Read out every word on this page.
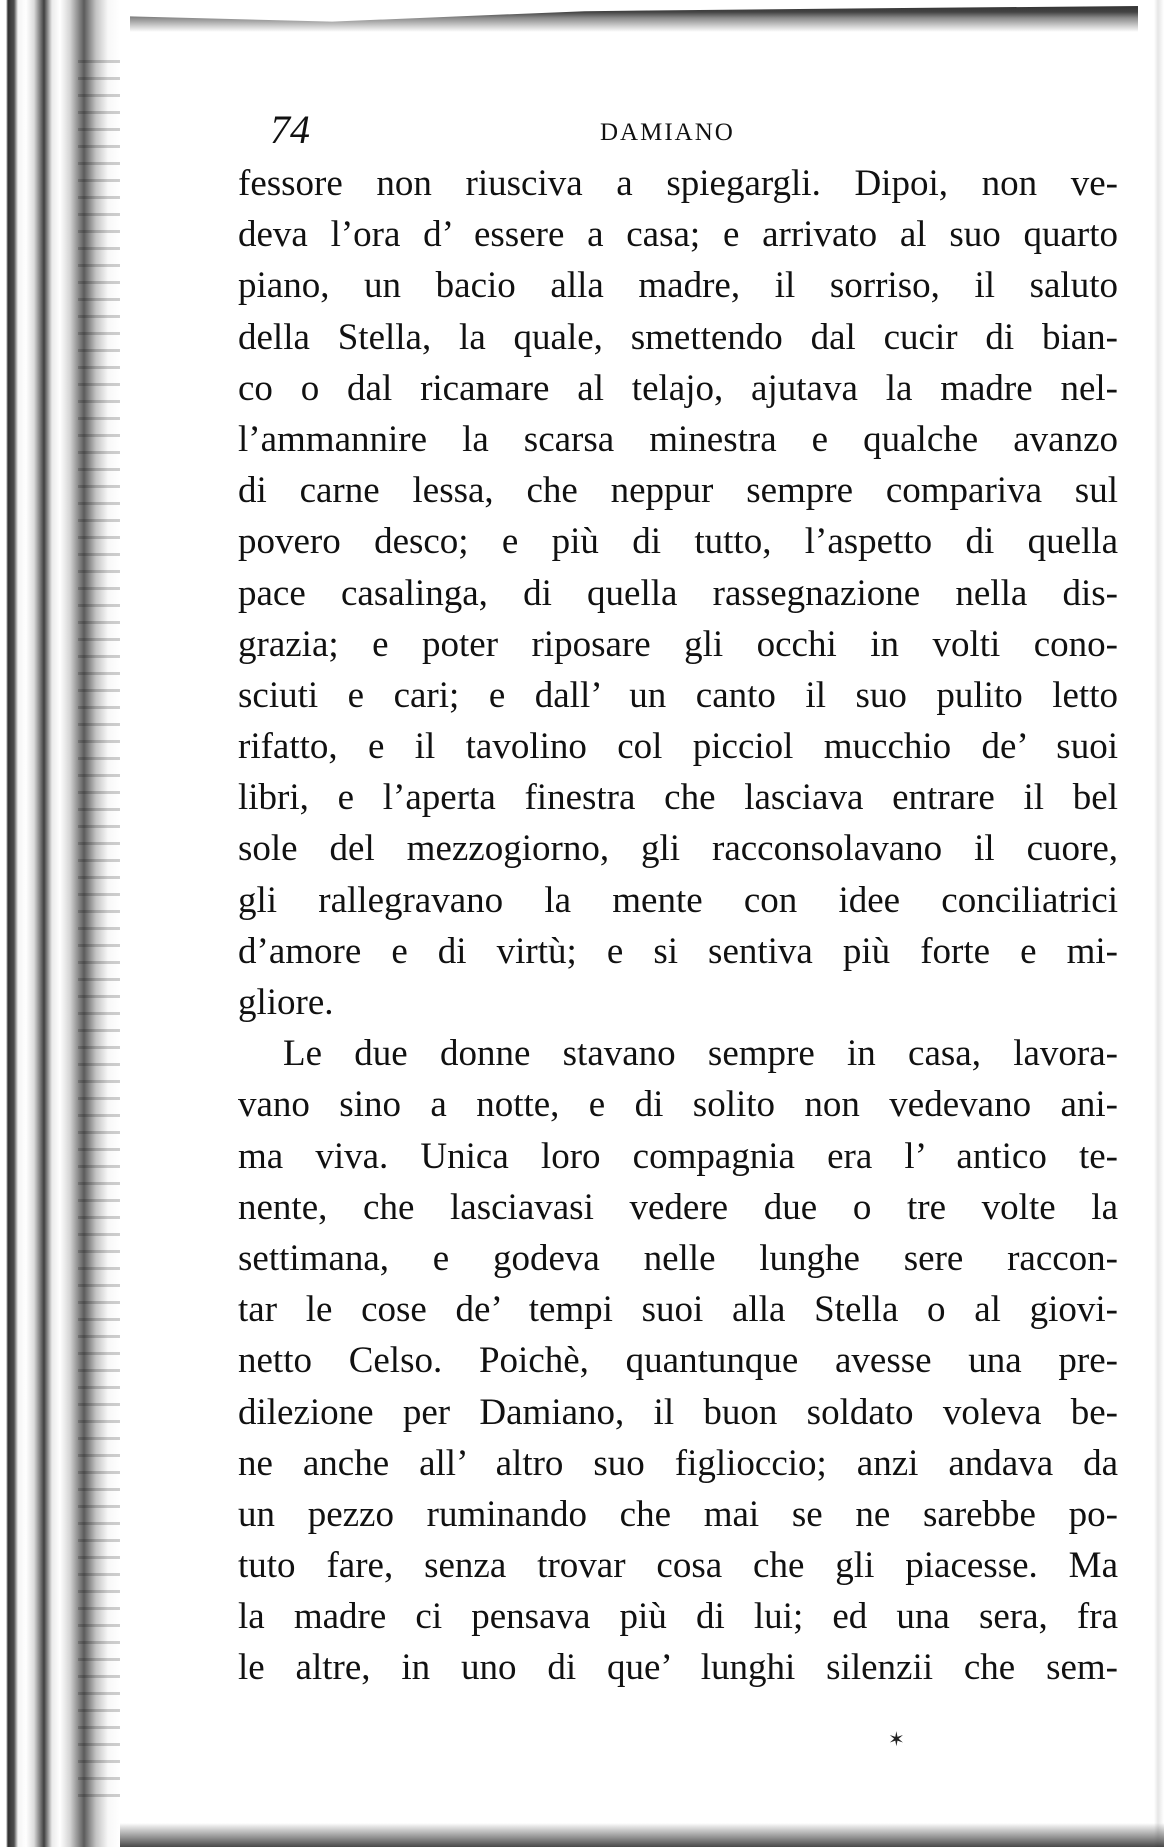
✶
74	DAMIANO
fessore non riusciva a spiegargli. Dipoi, non ve-
deva l’ora d’ essere a casa; e arrivato al suo quarto
piano, un bacio alla madre, il sorriso, il saluto
della Stella, la quale, smettendo dal cucir di bian-
co o dal ricamare al telajo, ajutava la madre nel-
l’ammannire la scarsa minestra e qualche avanzo
di carne lessa, che neppur sempre compariva sul
povero desco; e più di tutto, l’aspetto di quella
pace casalinga, di quella rassegnazione nella dis-
grazia; e poter riposare gli occhi in volti cono-
sciuti e cari; e dall’ un canto il suo pulito letto
rifatto, e il tavolino col picciol mucchio de’ suoi
libri, e l’aperta finestra che lasciava entrare il bel
sole del mezzogiorno, gli racconsolavano il cuore,
gli rallegravano la mente con idee conciliatrici
d’amore e di virtù; e si sentiva più forte e mi-
gliore.
Le due donne stavano sempre in casa, lavora-
vano sino a notte, e di solito non vedevano ani-
ma viva. Unica loro compagnia era l’ antico te-
nente, che lasciavasi vedere due o tre volte la
settimana, e godeva nelle lunghe sere raccon-
tar le cose de’ tempi suoi alla Stella o al giovi-
netto Celso. Poichè, quantunque avesse una pre-
dilezione per Damiano, il buon soldato voleva be-
ne anche all’ altro suo figlioccio; anzi andava da
un pezzo ruminando che mai se ne sarebbe po-
tuto fare, senza trovar cosa che gli piacesse. Ma
la madre ci pensava più di lui; ed una sera, fra
le altre, in uno di que’ lunghi silenzii che sem-
